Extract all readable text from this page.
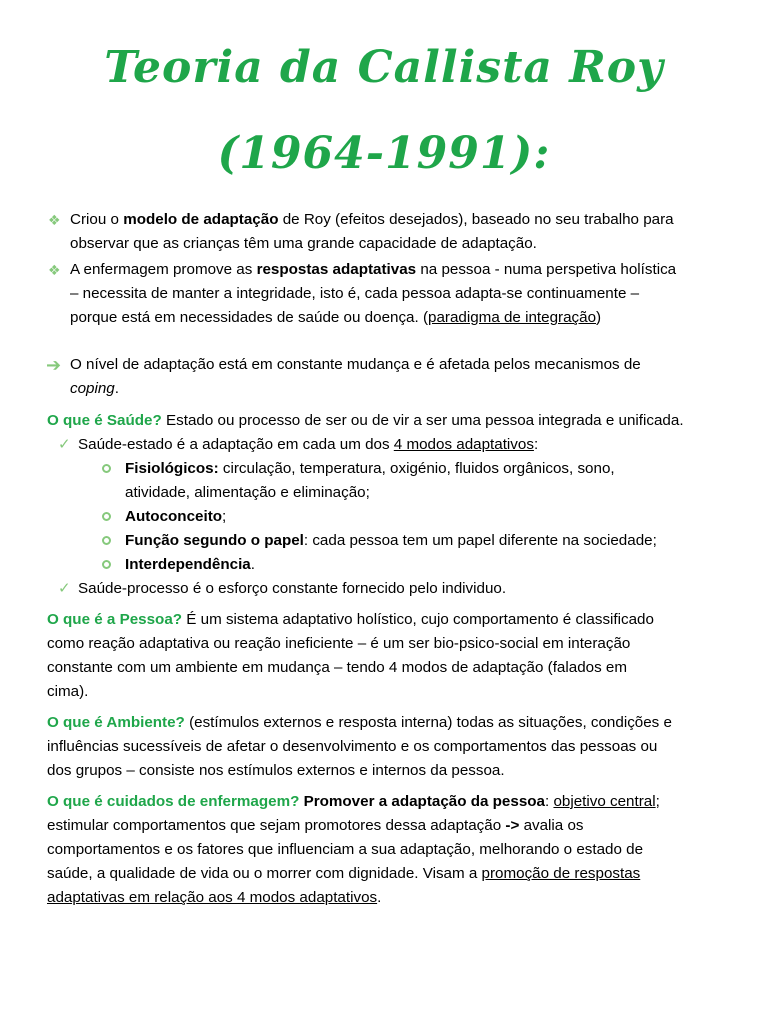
Teoria da Callista Roy
(1964-1991):
❖ Criou o modelo de adaptação de Roy (efeitos desejados), baseado no seu trabalho para
observar que as crianças têm uma grande capacidade de adaptação.
❖ A enfermagem promove as respostas adaptativas na pessoa - numa perspetiva holística
– necessita de manter a integridade, isto é, cada pessoa adapta-se continuamente –
porque está em necessidades de saúde ou doença. (paradigma de integração)
➔ O nível de adaptação está em constante mudança e é afetada pelos mecanismos de
coping.
O que é Saúde? Estado ou processo de ser ou de vir a ser uma pessoa integrada e unificada.
✓ Saúde-estado é a adaptação em cada um dos 4 modos adaptativos:
Fisiológicos: circulação, temperatura, oxigénio, fluidos orgânicos, sono,
atividade, alimentação e eliminação;
Autoconceito;
Função segundo o papel: cada pessoa tem um papel diferente na sociedade;
Interdependência.
✓ Saúde-processo é o esforço constante fornecido pelo individuo.
O que é a Pessoa? É um sistema adaptativo holístico, cujo comportamento é classificado
como reação adaptativa ou reação ineficiente – é um ser bio-psico-social em interação
constante com um ambiente em mudança – tendo 4 modos de adaptação (falados em
cima).
O que é Ambiente? (estímulos externos e resposta interna) todas as situações, condições e
influências sucessíveis de afetar o desenvolvimento e os comportamentos das pessoas ou
dos grupos – consiste nos estímulos externos e internos da pessoa.
O que é cuidados de enfermagem? Promover a adaptação da pessoa: objetivo central;
estimular comportamentos que sejam promotores dessa adaptação -> avalia os
comportamentos e os fatores que influenciam a sua adaptação, melhorando o estado de
saúde, a qualidade de vida ou o morrer com dignidade. Visam a promoção de respostas
adaptativas em relação aos 4 modos adaptativos.
